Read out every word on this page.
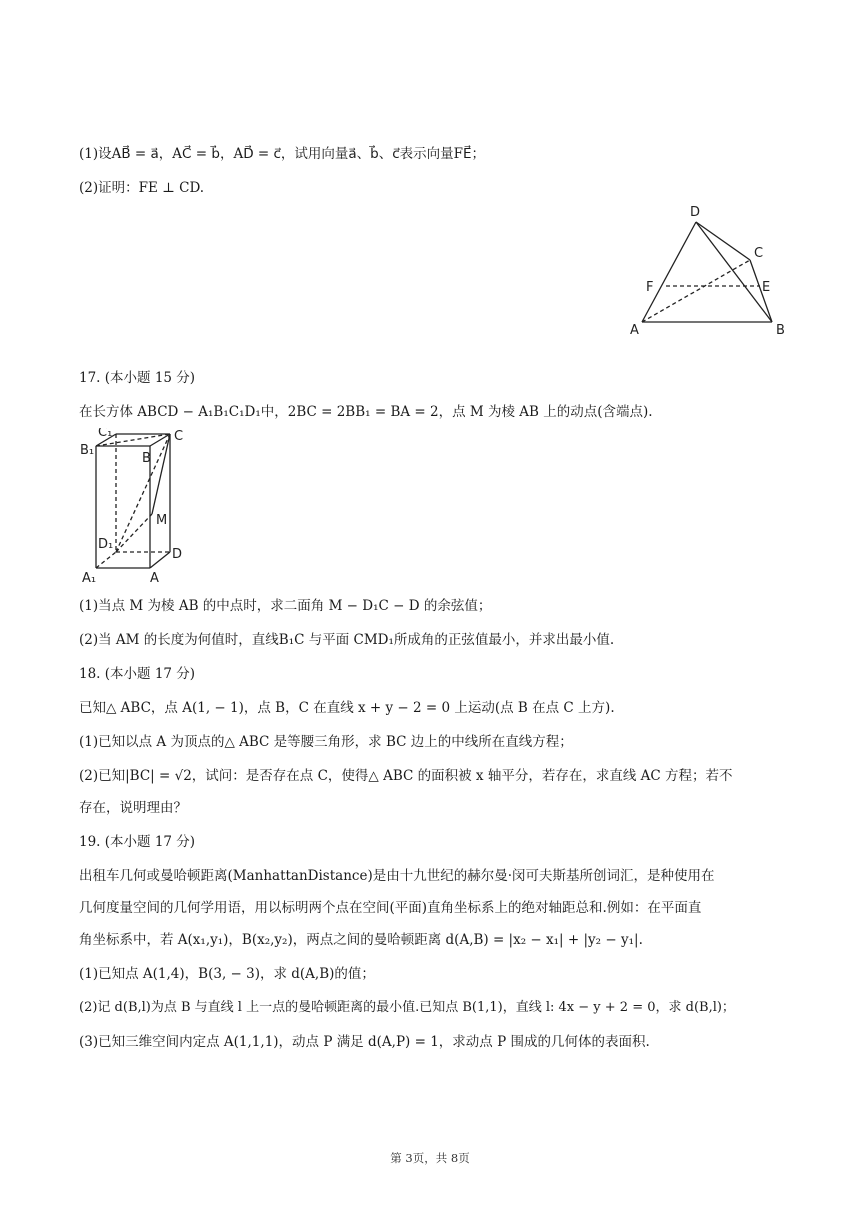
(1)设AB⃗ = a⃗，AC⃗ = b⃗，AD⃗ = c⃗，试用向量a⃗、b⃗、c⃗表示向量FE⃗；
(2)证明：FE ⊥ CD.
D
C
F	E
A	B
17. (本小题 15 分)
在长方体 ABCD − A₁B₁C₁D₁中，2BC = 2BB₁ = BA = 2，点 M 为棱 AB 上的动点(含端点).
C₁	C
B₁
B
M
D₁
D
A₁	A
(1)当点 M 为棱 AB 的中点时，求二面角 M − D₁C − D 的余弦值；
(2)当 AM 的长度为何值时，直线B₁C 与平面 CMD₁所成角的正弦值最小，并求出最小值.
18. (本小题 17 分)
已知△ ABC，点 A(1, − 1)，点 B，C 在直线 x + y − 2 = 0 上运动(点 B 在点 C 上方).
(1)已知以点 A 为顶点的△ ABC 是等腰三角形，求 BC 边上的中线所在直线方程；
(2)已知|BC| = √2，试问：是否存在点 C，使得△ ABC 的面积被 x 轴平分，若存在，求直线 AC 方程；若不
存在，说明理由？
19. (本小题 17 分)
出租车几何或曼哈顿距离(ManhattanDistance)是由十九世纪的赫尔曼·闵可夫斯基所创词汇，是种使用在
几何度量空间的几何学用语，用以标明两个点在空间(平面)直角坐标系上的绝对轴距总和.例如：在平面直
角坐标系中，若 A(x₁,y₁)，B(x₂,y₂)，两点之间的曼哈顿距离 d(A,B) = |x₂ − x₁| + |y₂ − y₁|.
(1)已知点 A(1,4)，B(3, − 3)，求 d(A,B)的值；
(2)记 d(B,l)为点 B 与直线 l 上一点的曼哈顿距离的最小值.已知点 B(1,1)，直线 l: 4x − y + 2 = 0，求 d(B,l)；
(3)已知三维空间内定点 A(1,1,1)，动点 P 满足 d(A,P) = 1，求动点 P 围成的几何体的表面积.
第 3页，共 8页
